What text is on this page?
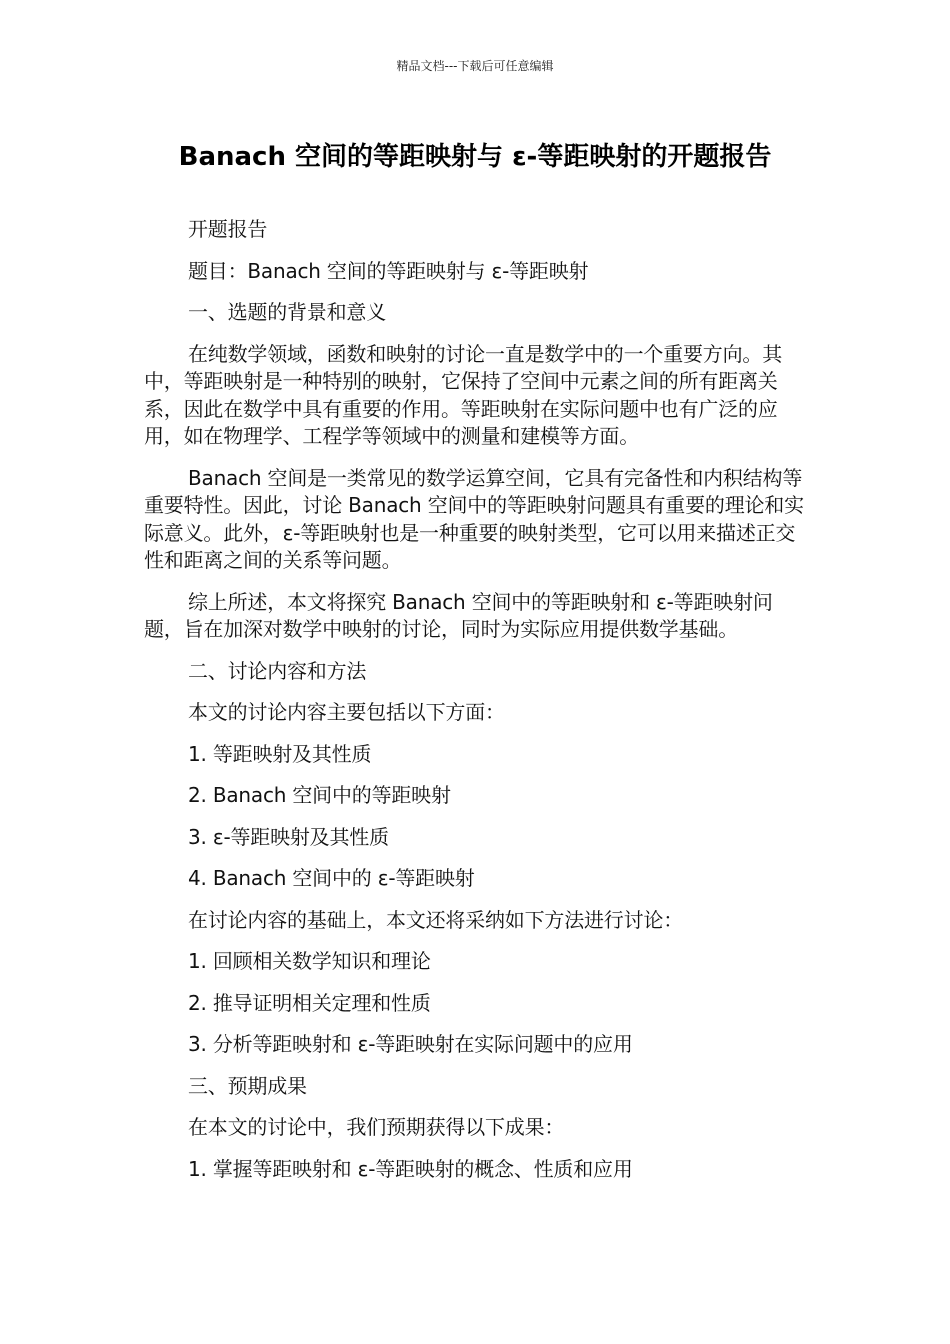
精品文档---下载后可任意编辑
Banach 空间的等距映射与 ε-等距映射的开题报告

开题报告

题目：Banach 空间的等距映射与 ε-等距映射

一、选题的背景和意义

在纯数学领域，函数和映射的讨论一直是数学中的一个重要方向。其中，等距映射是一种特别的映射，它保持了空间中元素之间的所有距离关系，因此在数学中具有重要的作用。等距映射在实际问题中也有广泛的应用，如在物理学、工程学等领域中的测量和建模等方面。

Banach 空间是一类常见的数学运算空间，它具有完备性和内积结构等重要特性。因此，讨论 Banach 空间中的等距映射问题具有重要的理论和实际意义。此外，ε-等距映射也是一种重要的映射类型，它可以用来描述正交性和距离之间的关系等问题。

综上所述，本文将探究 Banach 空间中的等距映射和 ε-等距映射问题，旨在加深对数学中映射的讨论，同时为实际应用提供数学基础。

二、讨论内容和方法

本文的讨论内容主要包括以下方面：

1. 等距映射及其性质

2. Banach 空间中的等距映射

3. ε-等距映射及其性质

4. Banach 空间中的 ε-等距映射

在讨论内容的基础上，本文还将采纳如下方法进行讨论：

1. 回顾相关数学知识和理论

2. 推导证明相关定理和性质

3. 分析等距映射和 ε-等距映射在实际问题中的应用

三、预期成果

在本文的讨论中，我们预期获得以下成果：

1. 掌握等距映射和 ε-等距映射的概念、性质和应用
